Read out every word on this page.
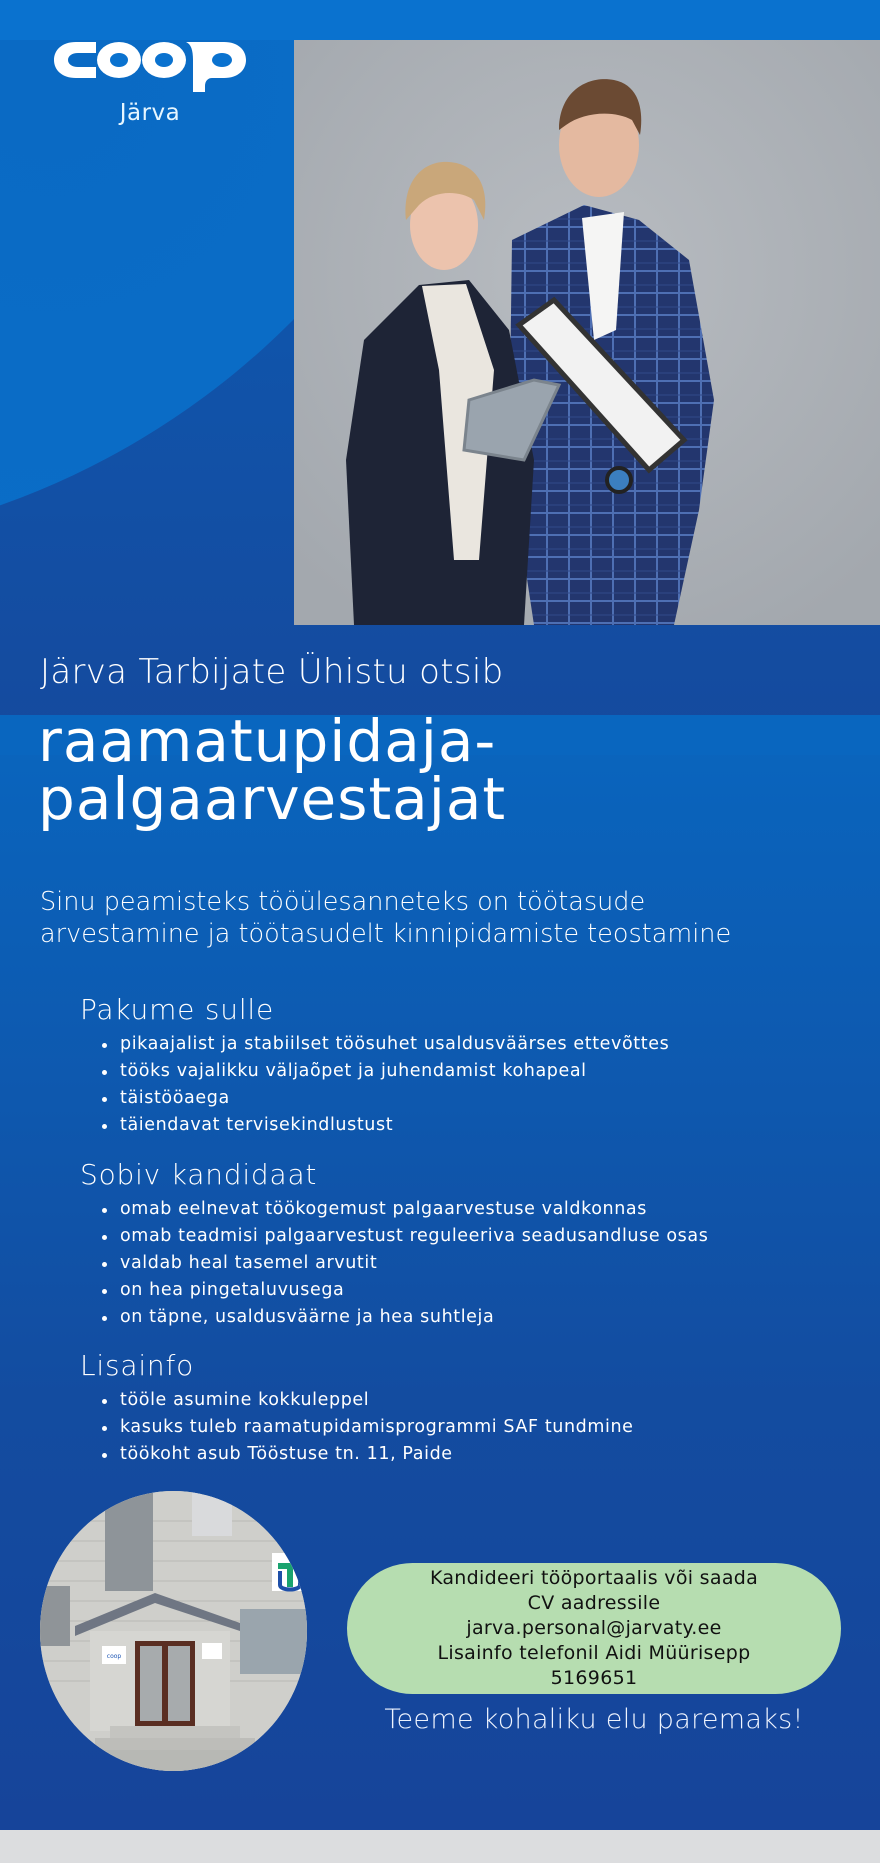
Järva
Järva Tarbijate Ühistu otsib
raamatupidaja-
palgaarvestajat

Sinu peamisteks tööülesanneteks on töötasude
arvestamine ja töötasudelt kinnipidamiste teostamine

Pakume sulle
pikaajalist ja stabiilset töösuhet usaldusväärses ettevõttes
tööks vajalikku väljaõpet ja juhendamist kohapeal
täistööaega
täiendavat tervisekindlustust
Sobiv kandidaat
omab eelnevat töökogemust palgaarvestuse valdkonnas
omab teadmisi palgaarvestust reguleeriva seadusandluse osas
valdab heal tasemel arvutit
on hea pingetaluvusega
on täpne, usaldusväärne ja hea suhtleja
Lisainfo
tööle asumine kokkuleppel
kasuks tuleb raamatupidamisprogrammi SAF tundmine
töökoht asub Tööstuse tn. 11, Paide
coop
Kandideeri tööportaalis või saada
CV aadressile
jarva.personal@jarvaty.ee
Lisainfo telefonil Aidi Müürisepp
5169651
Teeme kohaliku elu paremaks!
